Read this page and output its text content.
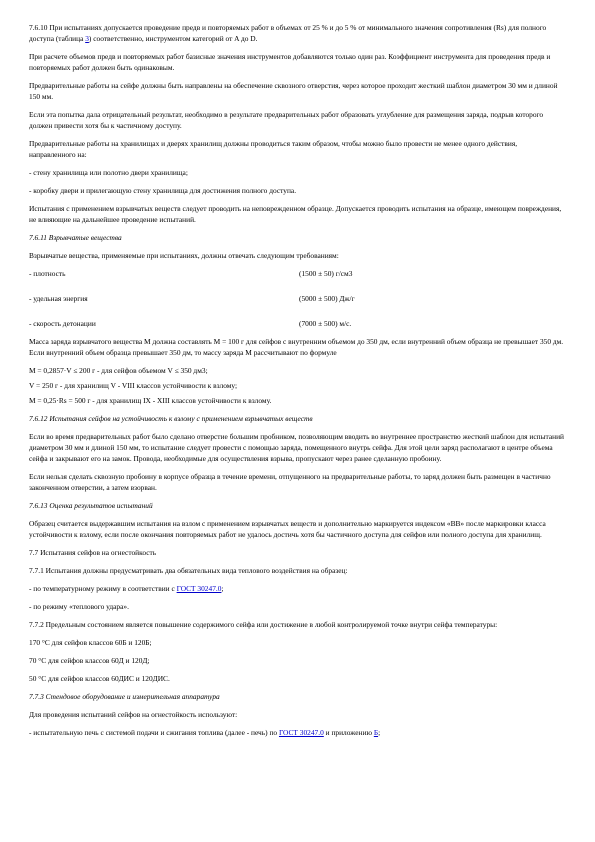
7.6.10 При испытаниях допускается проведение предв и повторяемых работ в объемах от 25 % и до 5 % от минимального значения сопротивления (Rs) для полного доступа (таблица 3) соответственно, инструментом категорий от A до D.

При расчете объемов предв и повторяемых работ базисные значения инструментов добавляются только один раз. Коэффициент инструмента для проведения предв и повторяемых работ должен быть одинаковым.

Предварительные работы на сейфе должны быть направлены на обеспечение сквозного отверстия, через которое проходит жесткий шаблон диаметром 30 мм и длиной 150 мм.

Если эта попытка дала отрицательный результат, необходимо в результате предварительных работ образовать углубление для размещения заряда, подрыв которого должен привести хотя бы к частичному доступу.

Предварительные работы на хранилищах и дверях хранилищ должны проводиться таким образом, чтобы можно было провести не менее одного действия, направленного на:

- стену хранилища или полотно двери хранилища;

- коробку двери и прилегающую стену хранилища для достижения полного доступа.

Испытания с применением взрывчатых веществ следует проводить на неповрежденном образце. Допускается проводить испытания на образце, имеющем повреждения, не влияющие на дальнейшее проведение испытаний.

7.6.11 Взрывчатые вещества

Взрывчатые вещества, применяемые при испытаниях, должны отвечать следующим требованиям:

- плотность	(1500 ± 50) г/см3
- удельная энергия	(5000 ± 500) Дж/г
- скорость детонации	(7000 ± 500) м/с.

Масса заряда взрывчатого вещества M должна составлять M = 100 г для сейфов с внутренним объемом до 350 дм, если внутренний объем образца не превышает 350 дм. Если внутренний объем образца превышает 350 дм, то массу заряда M рассчитывают по формуле

M = 0,2857·V ≤ 200 г - для сейфов объемом V ≤ 350 дм3;

V = 250 г - для хранилищ V - VIII классов устойчивости к взлому;

M = 0,25·Rs = 500 г - для хранилищ IX - XIII классов устойчивости к взлому.

7.6.12 Испытания сейфов на устойчивость к взлому с применением взрывчатых веществ

Если во время предварительных работ было сделано отверстие большим пробником, позволяющим вводить во внутреннее пространство жесткий шаблон для испытаний диаметром 30 мм и длиной 150 мм, то испытание следует провести с помощью заряда, помещенного внутрь сейфа. Для этой цели заряд располагают в центре объема сейфа и закрывают его на замок. Провода, необходимые для осуществления взрыва, пропускают через ранее сделанную пробоину.

Если нельзя сделать сквозную пробоину в корпусе образца в течение времени, отпущенного на предварительные работы, то заряд должен быть размещен в частично законченном отверстии, а затем взорван.

7.6.13 Оценка результатов испытаний

Образец считается выдержавшим испытания на взлом с применением взрывчатых веществ и дополнительно маркируется индексом «ВВ» после маркировки класса устойчивости к взлому, если после окончания повторяемых работ не удалось достичь хотя бы частичного доступа для сейфов или полного доступа для хранилищ.

7.7 Испытания сейфов на огнестойкость

7.7.1 Испытания должны предусматривать два обязательных вида теплового воздействия на образец:

- по температурному режиму в соответствии с ГОСТ 30247.0;

- по режиму «теплового удара».

7.7.2 Предельным состоянием является повышение содержимого сейфа или достижение в любой контролируемой точке внутри сейфа температуры:

170 °C для сейфов классов 60Б и 120Б;

70 °C для сейфов классов 60Д и 120Д;

50 °C для сейфов классов 60ДИС и 120ДИС.

7.7.3 Стендовое оборудование и измерительная аппаратура

Для проведения испытаний сейфов на огнестойкость используют:

- испытательную печь с системой подачи и сжигания топлива (далее - печь) по ГОСТ 30247.0 и приложению Б;
